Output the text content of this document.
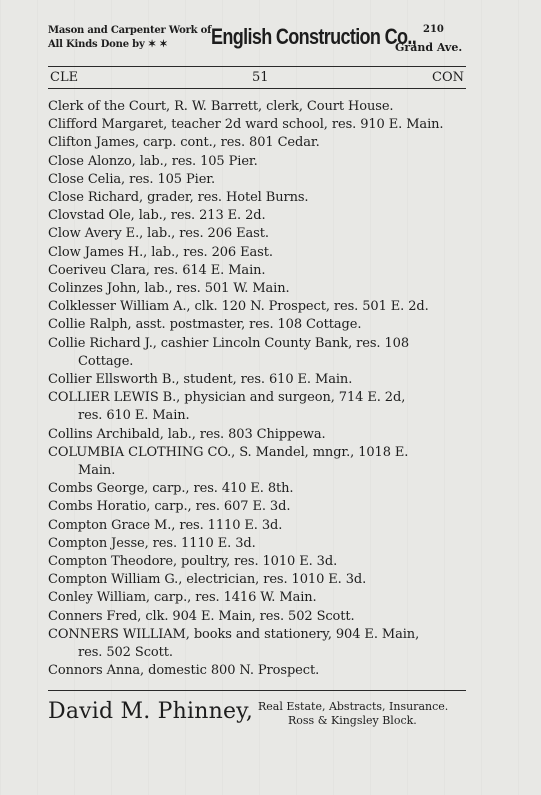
Mason and Carpenter Work of
All Kinds Done by ✶ ✶ English Construction Co., 210
Grand Ave.
CLE	51	CON
Clerk of the Court, R. W. Barrett, clerk, Court House.
Clifford Margaret, teacher 2d ward school, res. 910 E. Main.
Clifton James, carp. cont., res. 801 Cedar.
Close Alonzo, lab., res. 105 Pier.
Close Celia, res. 105 Pier.
Close Richard, grader, res. Hotel Burns.
Clovstad Ole, lab., res. 213 E. 2d.
Clow Avery E., lab., res. 206 East.
Clow James H., lab., res. 206 East.
Coeriveu Clara, res. 614 E. Main.
Colinzes John, lab., res. 501 W. Main.
Colklesser William A., clk. 120 N. Prospect, res. 501 E. 2d.
Collie Ralph, asst. postmaster, res. 108 Cottage.
Collie Richard J., cashier Lincoln County Bank, res. 108
Cottage.
Collier Ellsworth B., student, res. 610 E. Main.
COLLIER LEWIS B., physician and surgeon, 714 E. 2d,
res. 610 E. Main.
Collins Archibald, lab., res. 803 Chippewa.
COLUMBIA CLOTHING CO., S. Mandel, mngr., 1018 E.
Main.
Combs George, carp., res. 410 E. 8th.
Combs Horatio, carp., res. 607 E. 3d.
Compton Grace M., res. 1110 E. 3d.
Compton Jesse, res. 1110 E. 3d.
Compton Theodore, poultry, res. 1010 E. 3d.
Compton William G., electrician, res. 1010 E. 3d.
Conley William, carp., res. 1416 W. Main.
Conners Fred, clk. 904 E. Main, res. 502 Scott.
CONNERS WILLIAM, books and stationery, 904 E. Main,
res. 502 Scott.
Connors Anna, domestic 800 N. Prospect.
David M. Phinney, Real Estate, Abstracts, Insurance.
Ross & Kingsley Block.
